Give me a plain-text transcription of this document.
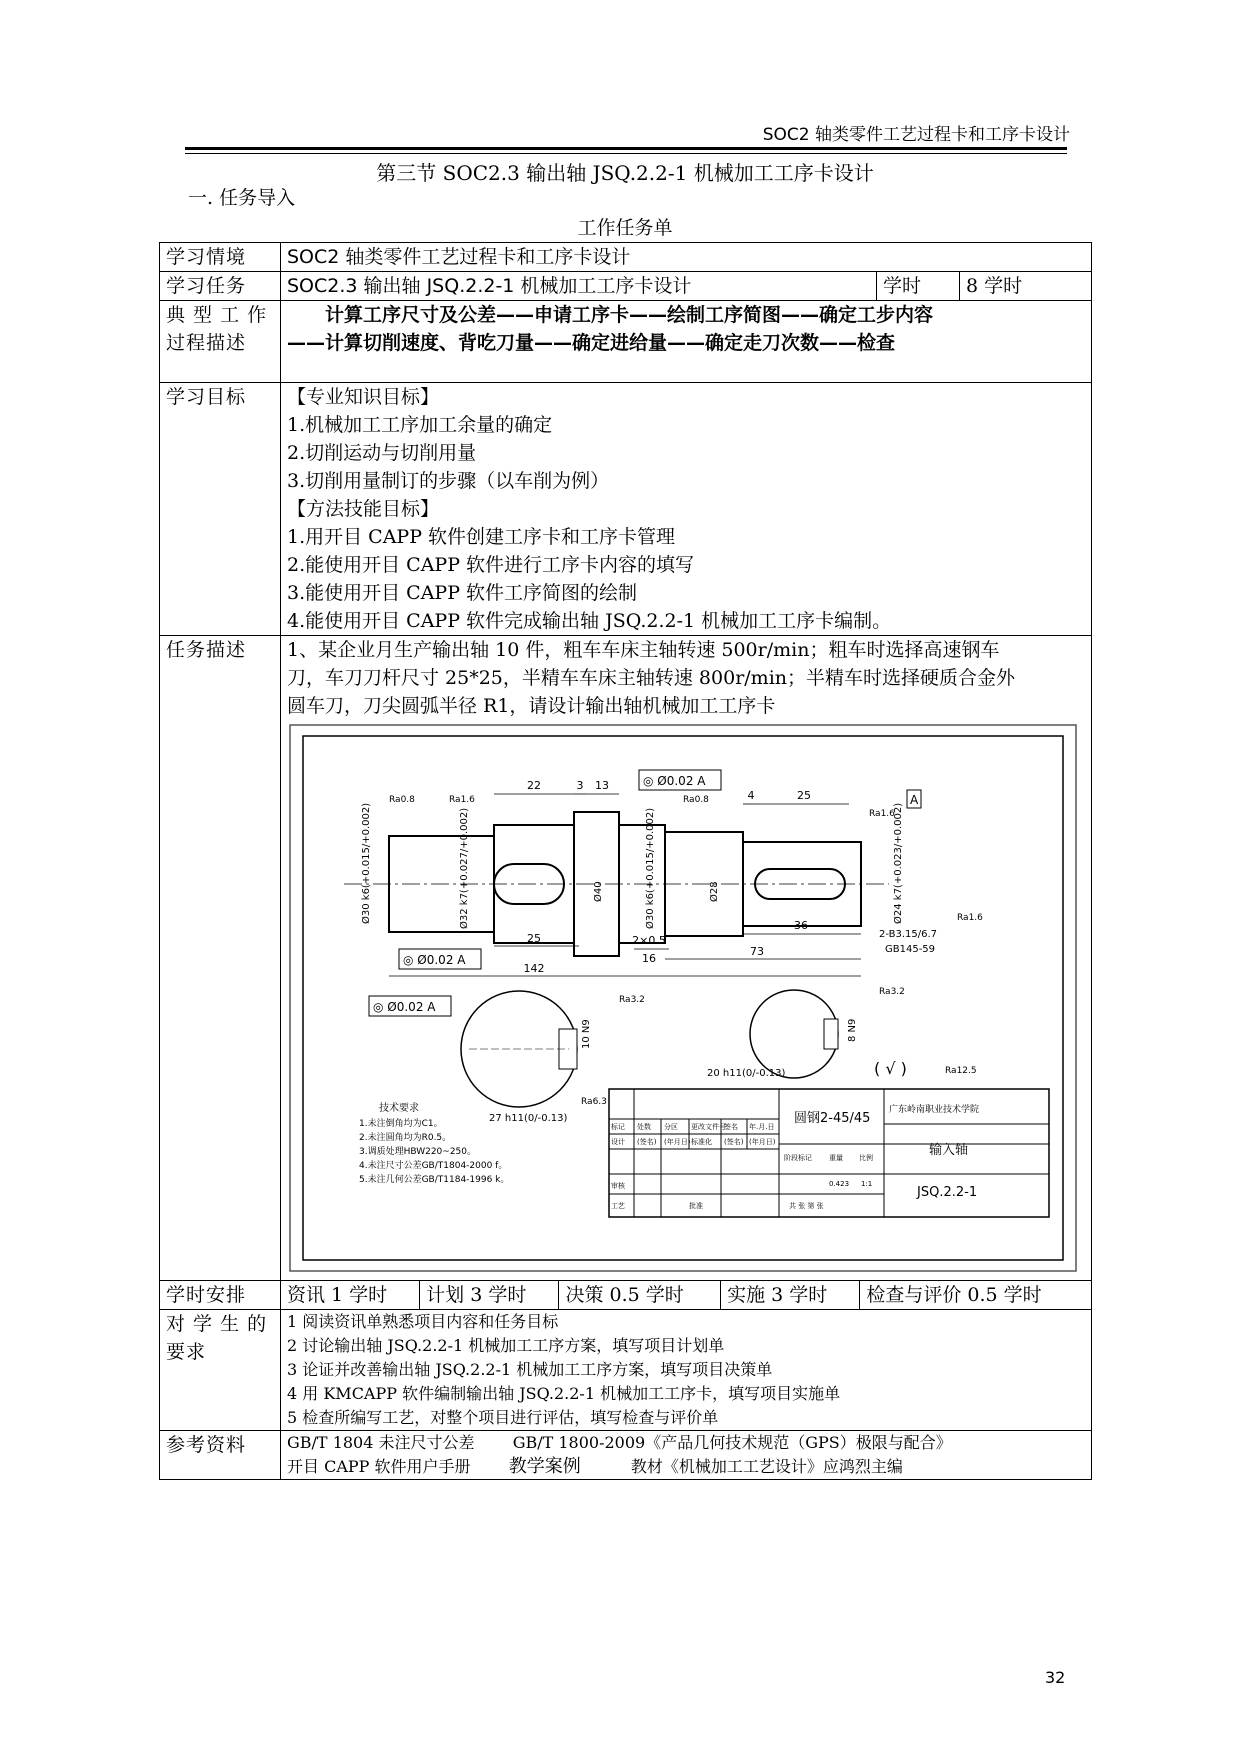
SOC2 轴类零件工艺过程卡和工序卡设计
第三节 SOC2.3 输出轴 JSQ.2.2-1 机械加工工序卡设计
一. 任务导入
工作任务单
学习情境	SOC2 轴类零件工艺过程卡和工序卡设计
学习任务	SOC2.3 输出轴 JSQ.2.2-1 机械加工工序卡设计	学时	8 学时

典 型 工 作
过程描述

计算工序尺寸及公差——申请工序卡——绘制工序简图——确定工步内容
——计算切削速度、背吃刀量——确定进给量——确定走刀次数——检查

学习目标	【专业知识目标】
1.机械加工工序加工余量的确定
2.切削运动与切削用量
3.切削用量制订的步骤（以车削为例）
【方法技能目标】
1.用开目 CAPP 软件创建工序卡和工序卡管理
2.能使用开目 CAPP 软件进行工序卡内容的填写
3.能使用开目 CAPP 软件工序简图的绘制
4.能使用开目 CAPP 软件完成输出轴 JSQ.2.2-1 机械加工工序卡编制。

任务描述	1、某企业月生产输出轴 10 件，粗车车床主轴转速 500r/min；粗车时选择高速钢车
刀，车刀刀杆尺寸 25*25，半精车车床主轴转速 800r/min；半精车时选择硬质合金外
圆车刀，刀尖圆弧半径 R1，请设计输出轴机械加工工序卡
22	3 13
4	25
25	2×0.5
16
36
73
142
Ø30 k6(+0.015/+0.002)	Ø32 k7(+0.027/+0.002)	Ø40	Ø30 k6(+0.015/+0.002)	Ø28	Ø24 k7(+0.023/+0.002)
2-B3.15/6.7
GB145-59
Ra0.8	Ra1.6	Ra0.8
Ra1.6
Ra1.6
Ra3.2
Ra3.2
Ra6.3
Ra12.5
( √ )
◎ Ø0.02 A
◎ Ø0.02 A
◎ Ø0.02 A
A
10 N9
27 h11(0/-0.13)
8 N9
20 h11(0/-0.13)
技术要求
1.未注倒角均为C1。
2.未注圆角均为R0.5。
3.调质处理HBW220~250。
4.未注尺寸公差GB/T1804-2000 f。
5.未注几何公差GB/T1184-1996 k。
标记 处数 分区 更改文件号
签名 年.月.日
设计 (签名) (年月日) 标准化 (签名) (年月日)
审核
工艺	批准
阶段标记 重量 比例
0.423 1:1
共 张 第 张
圆钢2-45/45
广东岭南职业技术学院
输入轴
JSQ.2.2-1

学时安排	资讯 1 学时	计划 3 学时	决策 0.5 学时	实施 3 学时	检查与评价 0.5 学时

对 学 生 的
要求

1 阅读资讯单熟悉项目内容和任务目标
2 讨论输出轴 JSQ.2.2-1 机械加工工序方案，填写项目计划单
3 论证并改善输出轴 JSQ.2.2-1 机械加工工序方案，填写项目决策单
4 用 KMCAPP 软件编制输出轴 JSQ.2.2-1 机械加工工序卡，填写项目实施单
5 检查所编写工艺，对整个项目进行评估，填写检查与评价单

参考资料	GB/T 1804 未注尺寸公差 GB/T 1800-2009《产品几何技术规范（GPS）极限与配合》
开目 CAPP 软件用户手册 教学案例	教材《机械加工工艺设计》应鸿烈主编
32
